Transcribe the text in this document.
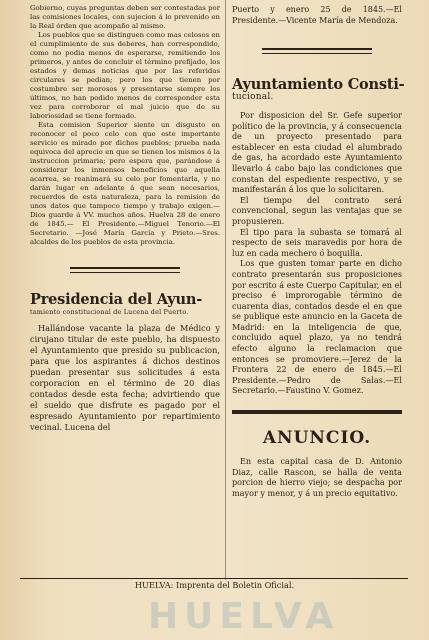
Gobierno, cuyas preguntas deben ser contestadas por las comisiones locales, con sujecion á lo prevenido en la Real órden que acompaño al mismo.

Los pueblos que se distinguen como mas celosos en el cumplimiento de sus deberes, han correspondido, como no podia menos de esperarse, remitiendo los primeros, y antes de concluir el término prefijado, los estados y demas noticias que por las referidas circulares se pedian; pero los que tienen por costumbre ser morosos y presentarse siempre los últimos, no han podido menos de corresponder esta vez para corroborar el mal juicio que de su laboriosidad se tiene formado.

Esta comision Superior siente un disgusto en reconocer el poco celo con que este importante servicio es mirado por dichos pueblos; prueba nada equivoca del aprecio en que se tienen los mismos á la instruccion primaria; pero espera que, parándose á considerar los inmensos beneficios que aquella acarrea, se reanimará su celo por fomentarla, y no darán lugar en adelante á que sean necesarios, recuerdos de esta naturaleza, para la remision de unos datos que tampoco tiempo y trabajo exigen.—Dios guarde á VV. muchos años. Huelva 28 de enero de 1845.— El Presidente.—Miguel Tenorio.—El Secretario. —José María García y Prieto.—Sres. alcaldes de los pueblos de esta provincia.

Presidencia del Ayun-
tamiento constitucional de Lucena del Puerto.

Hallándose vacante la plaza de Médico y cirujano titular de este pueblo, ha dispuesto el Ayuntamiento que presido su publicacion, para que los aspirantes á dichos destinos puedan presentar sus solicitudes á esta corporacion en el término de 20 dias contados desde esta fecha; advirtiendo que el sueldo que disfrute es pagado por el espresado Ayuntamiento por repartimiento vecinal. Lucena del

Puerto y enero 25 de 1845.—El Presidente.—Vicente María de Mendoza.

Ayuntamiento Consti-
tucional.

Por disposicion del Sr. Gefe superior político de la provincia, y á consecuencia de un proyecto presentado para establecer en esta ciudad el alumbrado de gas, ha acordado este Ayuntamiento llevarlo á cabo bajo las condiciones que constan del espediente respectivo, y se manifestarán á los que lo solicitaren.

El tiempo del contrato será convencional, segun las ventajas que se propusieren.

El tipo para la subasta se tomará al respecto de seis maravedis por hora de luz en cada mechero ó boquilla.

Los que gusten tomar parte en dicho contrato presentarán sus proposiciones por escrito á este Cuerpo Capitular, en el preciso é improrogable término de cuarenta dias, contados desde el en que se publique este anuncio en la Gaceta de Madrid: en la inteligencia de que, concluido aquel plazo, ya no tendrá efecto alguno la reclamacion que entonces se promoviere.—Jerez de la Frontera 22 de enero de 1845.—El Presidente.—Pedro de Salas.—El Secretario.—Faustino V. Gomez.

ANUNCIO.

En esta capital casa de D. Antonio Diaz, calle Rascon, se halla de venta porcion de hierro viejo; se despacha por mayor y menor, y á un precio equitativo.

HUELVA: Imprenta del Boletin Oficial.
HUELVA
